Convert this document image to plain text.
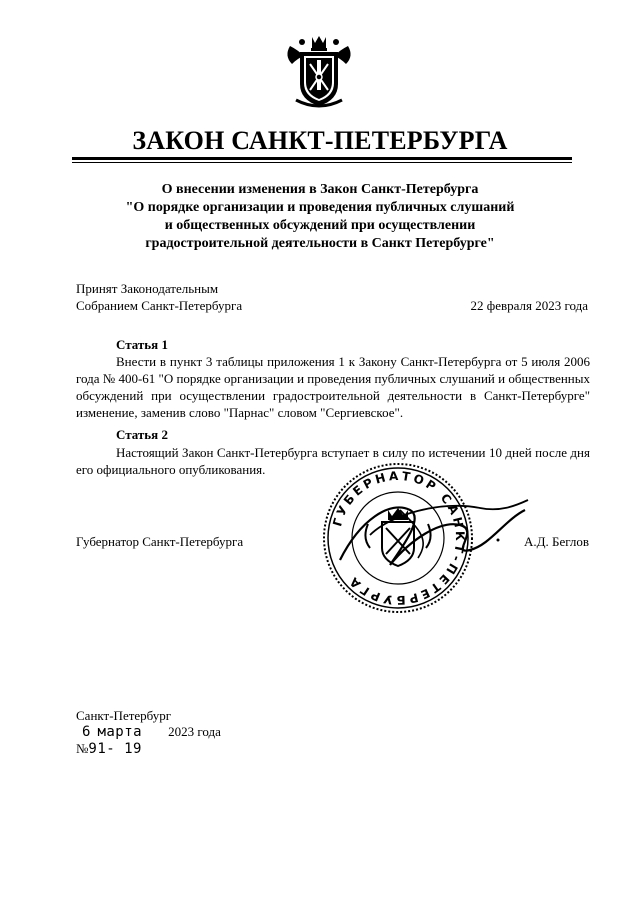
ЗАКОН САНКТ-ПЕТЕРБУРГА
О внесении изменения в Закон Санкт-Петербурга
"О порядке организации и проведения публичных слушаний
и общественных обсуждений при осуществлении
градостроительной деятельности в Санкт Петербурге"
Принят Законодательным
Собранием Санкт-Петербурга	22 февраля 2023 года
Статья 1
Внести в пункт 3 таблицы приложения 1 к Закону Санкт-Петербурга от 5 июля 2006 года № 400-61 "О порядке организации и проведения публичных слушаний и общественных обсуждений при осуществлении градостроительной деятельности в Санкт-Петербурге" изменение, заменив слово "Парнас" словом "Сергиевское".
Статья 2
Настоящий Закон Санкт-Петербурга вступает в силу по истечении 10 дней после дня его официального опубликования.
Губернатор Санкт-Петербурга
ГУБЕРНАТОР САНКТ-ПЕТЕРБУРГА
А.Д. Беглов
Санкт-Петербург
6 марта 2023 года
№91- 19
